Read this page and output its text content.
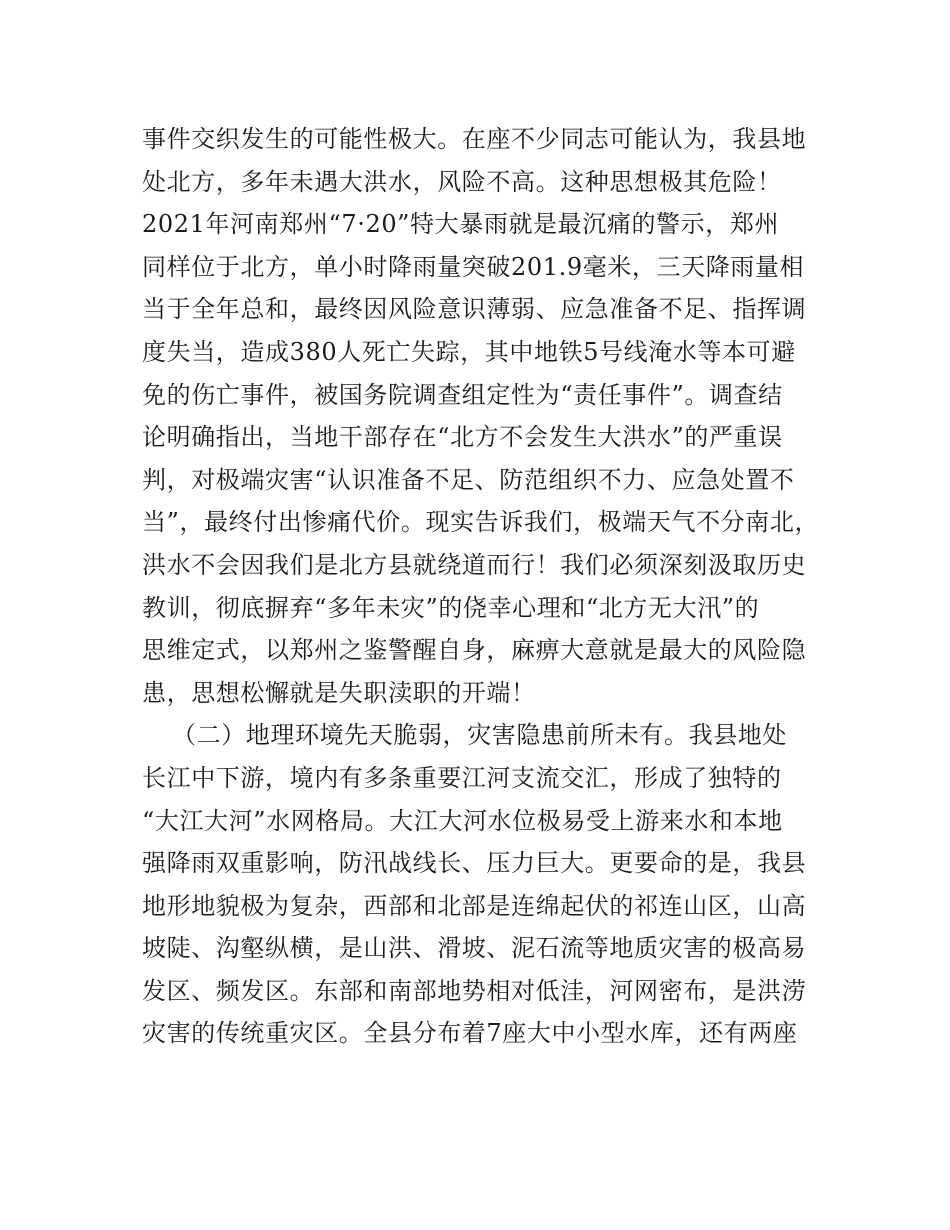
事件交织发生的可能性极大。在座不少同志可能认为，我县地
处北方，多年未遇大洪水，风险不高。这种思想极其危险！
2021年河南郑州“7·20”特大暴雨就是最沉痛的警示，郑州
同样位于北方，单小时降雨量突破201.9毫米，三天降雨量相
当于全年总和，最终因风险意识薄弱、应急准备不足、指挥调
度失当，造成380人死亡失踪，其中地铁5号线淹水等本可避
免的伤亡事件，被国务院调查组定性为“责任事件”。调查结
论明确指出，当地干部存在“北方不会发生大洪水”的严重误
判，对极端灾害“认识准备不足、防范组织不力、应急处置不
当”，最终付出惨痛代价。现实告诉我们，极端天气不分南北，
洪水不会因我们是北方县就绕道而行！我们必须深刻汲取历史
教训，彻底摒弃“多年未灾”的侥幸心理和“北方无大汛”的
思维定式，以郑州之鉴警醒自身，麻痹大意就是最大的风险隐
患，思想松懈就是失职渎职的开端！
（二）地理环境先天脆弱，灾害隐患前所未有。我县地处
长江中下游，境内有多条重要江河支流交汇，形成了独特的
“大江大河”水网格局。大江大河水位极易受上游来水和本地
强降雨双重影响，防汛战线长、压力巨大。更要命的是，我县
地形地貌极为复杂，西部和北部是连绵起伏的祁连山区，山高
坡陡、沟壑纵横，是山洪、滑坡、泥石流等地质灾害的极高易
发区、频发区。东部和南部地势相对低洼，河网密布，是洪涝
灾害的传统重灾区。全县分布着7座大中小型水库，还有两座
